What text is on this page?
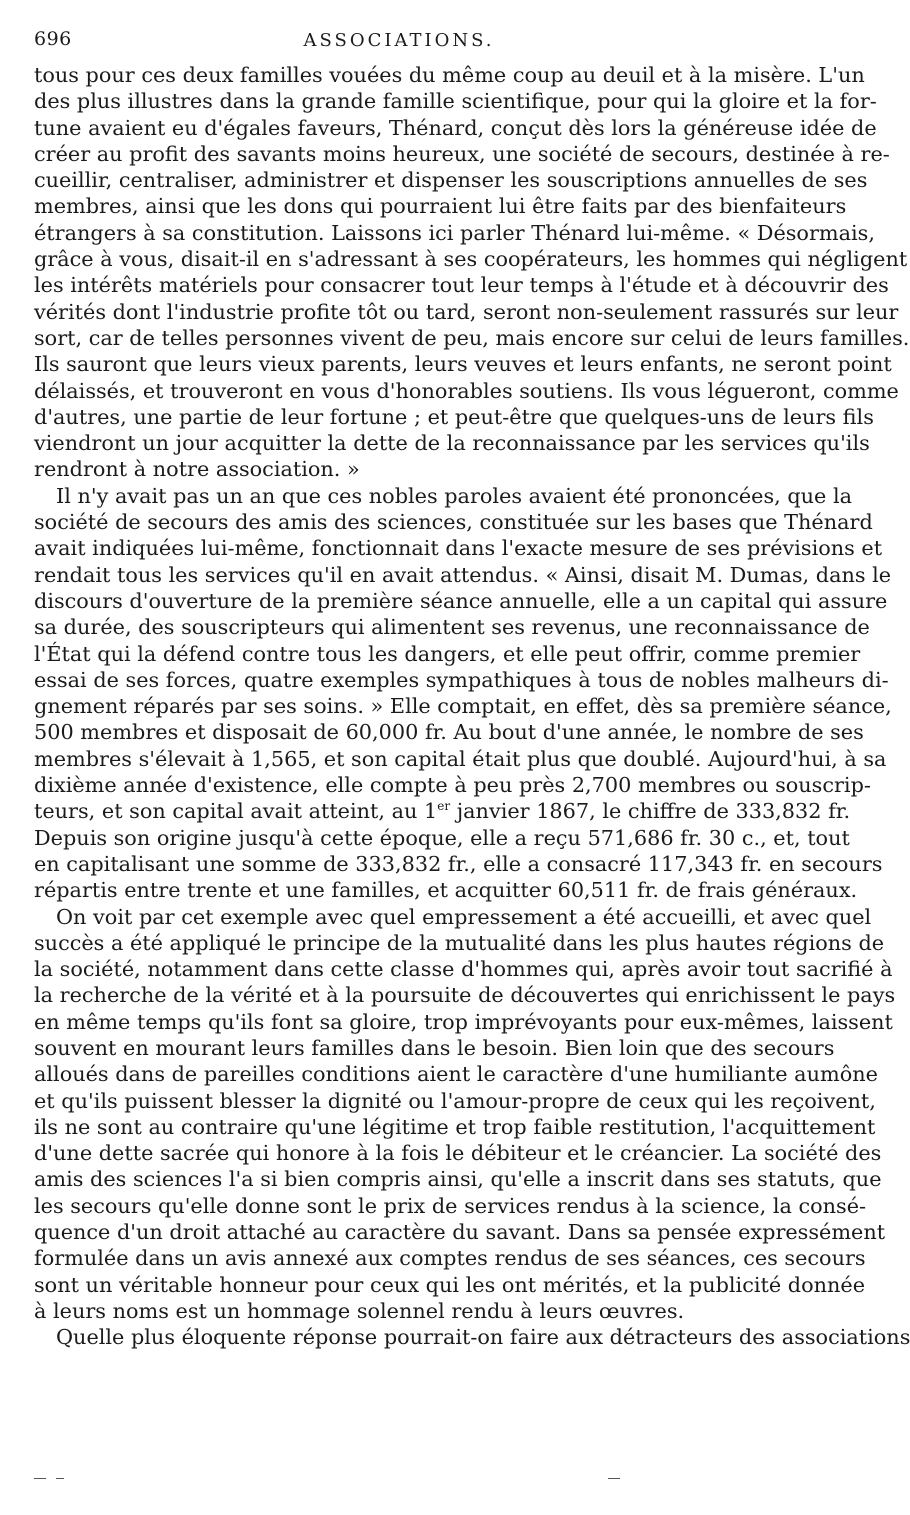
696	ASSOCIATIONS.
tous pour ces deux familles vouées du même coup au deuil et à la misère. L'un
des plus illustres dans la grande famille scientifique, pour qui la gloire et la for-
tune avaient eu d'égales faveurs, Thénard, conçut dès lors la généreuse idée de
créer au profit des savants moins heureux, une société de secours, destinée à re-
cueillir, centraliser, administrer et dispenser les souscriptions annuelles de ses
membres, ainsi que les dons qui pourraient lui être faits par des bienfaiteurs
étrangers à sa constitution. Laissons ici parler Thénard lui-même. « Désormais,
grâce à vous, disait-il en s'adressant à ses coopérateurs, les hommes qui négligent
les intérêts matériels pour consacrer tout leur temps à l'étude et à découvrir des
vérités dont l'industrie profite tôt ou tard, seront non-seulement rassurés sur leur
sort, car de telles personnes vivent de peu, mais encore sur celui de leurs familles.
Ils sauront que leurs vieux parents, leurs veuves et leurs enfants, ne seront point
délaissés, et trouveront en vous d'honorables soutiens. Ils vous légueront, comme
d'autres, une partie de leur fortune ; et peut-être que quelques-uns de leurs fils
viendront un jour acquitter la dette de la reconnaissance par les services qu'ils
rendront à notre association. »
Il n'y avait pas un an que ces nobles paroles avaient été prononcées, que la
société de secours des amis des sciences, constituée sur les bases que Thénard
avait indiquées lui-même, fonctionnait dans l'exacte mesure de ses prévisions et
rendait tous les services qu'il en avait attendus. « Ainsi, disait M. Dumas, dans le
discours d'ouverture de la première séance annuelle, elle a un capital qui assure
sa durée, des souscripteurs qui alimentent ses revenus, une reconnaissance de
l'État qui la défend contre tous les dangers, et elle peut offrir, comme premier
essai de ses forces, quatre exemples sympathiques à tous de nobles malheurs di-
gnement réparés par ses soins. » Elle comptait, en effet, dès sa première séance,
500 membres et disposait de 60,000 fr. Au bout d'une année, le nombre de ses
membres s'élevait à 1,565, et son capital était plus que doublé. Aujourd'hui, à sa
dixième année d'existence, elle compte à peu près 2,700 membres ou souscrip-
teurs, et son capital avait atteint, au 1er janvier 1867, le chiffre de 333,832 fr.
Depuis son origine jusqu'à cette époque, elle a reçu 571,686 fr. 30 c., et, tout
en capitalisant une somme de 333,832 fr., elle a consacré 117,343 fr. en secours
répartis entre trente et une familles, et acquitter 60,511 fr. de frais généraux.
On voit par cet exemple avec quel empressement a été accueilli, et avec quel
succès a été appliqué le principe de la mutualité dans les plus hautes régions de
la société, notamment dans cette classe d'hommes qui, après avoir tout sacrifié à
la recherche de la vérité et à la poursuite de découvertes qui enrichissent le pays
en même temps qu'ils font sa gloire, trop imprévoyants pour eux-mêmes, laissent
souvent en mourant leurs familles dans le besoin. Bien loin que des secours
alloués dans de pareilles conditions aient le caractère d'une humiliante aumône
et qu'ils puissent blesser la dignité ou l'amour-propre de ceux qui les reçoivent,
ils ne sont au contraire qu'une légitime et trop faible restitution, l'acquittement
d'une dette sacrée qui honore à la fois le débiteur et le créancier. La société des
amis des sciences l'a si bien compris ainsi, qu'elle a inscrit dans ses statuts, que
les secours qu'elle donne sont le prix de services rendus à la science, la consé-
quence d'un droit attaché au caractère du savant. Dans sa pensée expressément
formulée dans un avis annexé aux comptes rendus de ses séances, ces secours
sont un véritable honneur pour ceux qui les ont mérités, et la publicité donnée
à leurs noms est un hommage solennel rendu à leurs œuvres.
Quelle plus éloquente réponse pourrait-on faire aux détracteurs des associations
